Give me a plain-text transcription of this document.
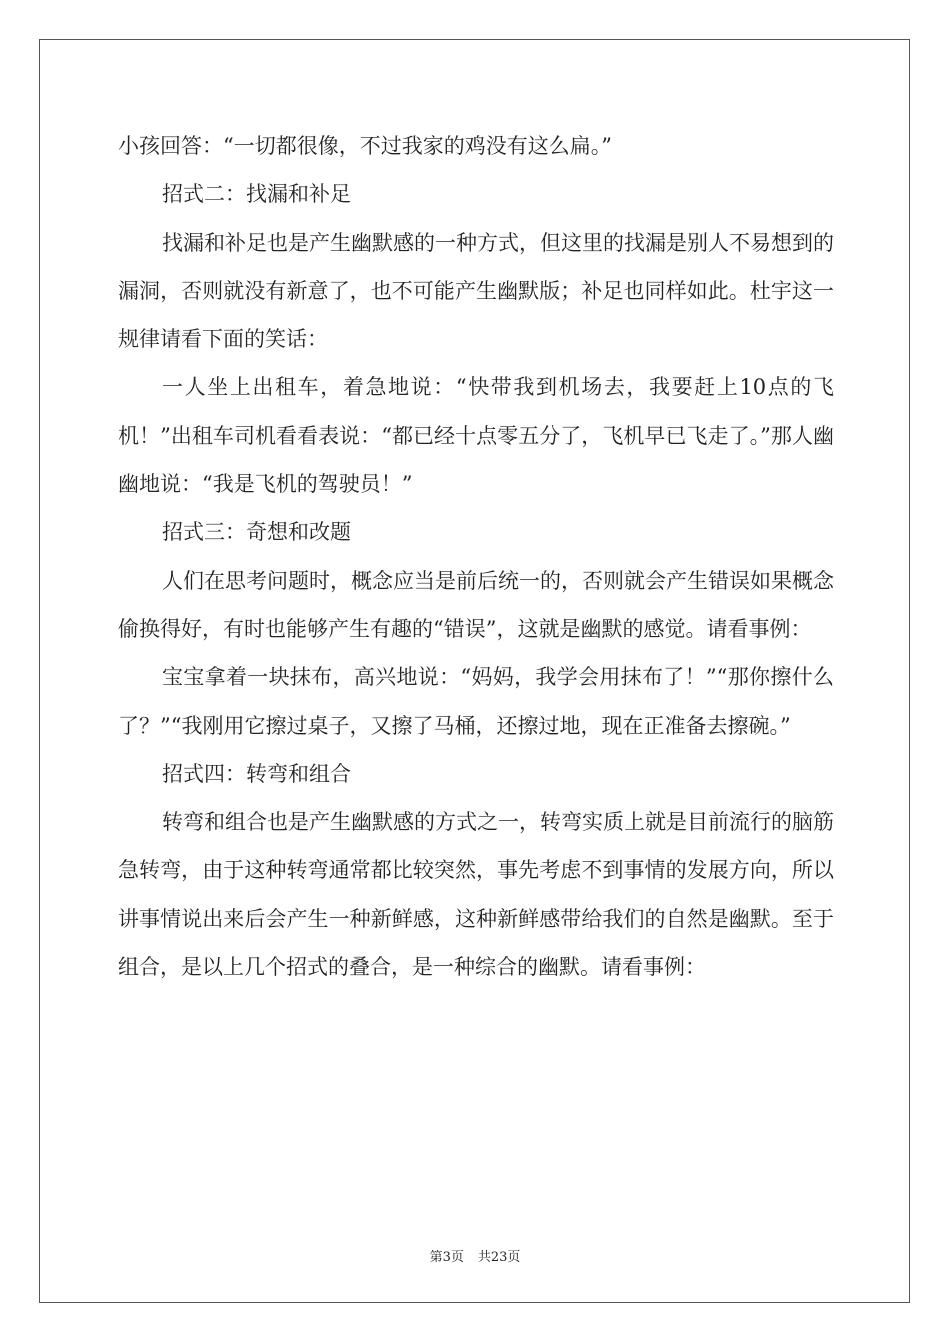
小孩回答：“一切都很像，不过我家的鸡没有这么扁。”

招式二：找漏和补足

找漏和补足也是产生幽默感的一种方式，但这里的找漏是别人不易想到的漏洞，否则就没有新意了，也不可能产生幽默版；补足也同样如此。杜宇这一规律请看下面的笑话：

一人坐上出租车，着急地说：“快带我到机场去，我要赶上10点的飞机！”出租车司机看看表说：“都已经十点零五分了，飞机早已飞走了。”那人幽幽地说：“我是飞机的驾驶员！”

招式三：奇想和改题

人们在思考问题时，概念应当是前后统一的，否则就会产生错误如果概念偷换得好，有时也能够产生有趣的“错误”，这就是幽默的感觉。请看事例：

宝宝拿着一块抹布，高兴地说：“妈妈，我学会用抹布了！”“那你擦什么了？”“我刚用它擦过桌子，又擦了马桶，还擦过地，现在正准备去擦碗。”

招式四：转弯和组合

转弯和组合也是产生幽默感的方式之一，转弯实质上就是目前流行的脑筋急转弯，由于这种转弯通常都比较突然，事先考虑不到事情的发展方向，所以讲事情说出来后会产生一种新鲜感，这种新鲜感带给我们的自然是幽默。至于组合，是以上几个招式的叠合，是一种综合的幽默。请看事例：

第3页 共23页
